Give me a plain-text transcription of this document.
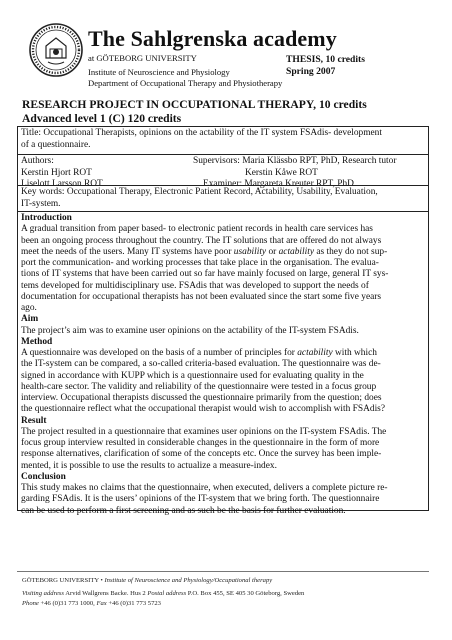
The Sahlgrenska academy
at GÖTEBORG UNIVERSITY
Institute of Neuroscience and Physiology
Department of Occupational Therapy and Physiotherapy
THESIS, 10 credits
Spring 2007
RESEARCH PROJECT IN OCCUPATIONAL THERAPY, 10 credits
Advanced level 1 (C) 120 credits
Title: Occupational Therapists, opinions on the actability of the IT system FSAdis- development
of a questionnaire.
Authors:	Supervisors: Maria Klässbo RPT, PhD, Research tutor
Kerstin Hjort ROT	Kerstin Kåwe ROT
Liselott Larsson ROT	Examiner: Margareta Kreuter RPT, PhD
Key words: Occupational Therapy, Electronic Patient Record, Actability, Usability, Evaluation,
IT-system.
Introduction
A gradual transition from paper based- to electronic patient records in health care services has
been an ongoing process throughout the country. The IT solutions that are offered do not always
meet the needs of the users. Many IT systems have poor usability or actability as they do not sup-
port the communication- and working processes that take place in the organisation. The evalua-
tions of IT systems that have been carried out so far have mainly focused on large, general IT sys-
tems developed for multidisciplinary use. FSAdis that was developed to support the needs of
documentation for occupational therapists has not been evaluated since the start some five years
ago.
Aim
The project’s aim was to examine user opinions on the actability of the IT-system FSAdis.
Method
A questionnaire was developed on the basis of a number of principles for actability with which
the IT-system can be compared, a so-called criteria-based evaluation. The questionnaire was de-
signed in accordance with KUPP which is a questionnaire used for evaluating quality in the
health-care sector. The validity and reliability of the questionnaire were tested in a focus group
interview. Occupational therapists discussed the questionnaire primarily from the question; does
the questionnaire reflect what the occupational therapist would wish to accomplish with FSAdis?
Result
The project resulted in a questionnaire that examines user opinions on the IT-system FSAdis. The
focus group interview resulted in considerable changes in the questionnaire in the form of more
response alternatives, clarification of some of the concepts etc. Once the survey has been imple-
mented, it is possible to use the results to actualize a measure-index.
Conclusion
This study makes no claims that the questionnaire, when executed, delivers a complete picture re-
garding FSAdis. It is the users’ opinions of the IT-system that we bring forth. The questionnaire
can be used to perform a first screening and as such be the basis for further evaluation.
GÖTEBORG UNIVERSITY • Institute of Neuroscience and Physiology/Occupational therapy
Visiting address Arvid Wallgrens Backe. Hus 2 Postal address P.O. Box 455, SE 405 30 Göteborg, Sweden
Phone +46 (0)31 773 1000, Fax +46 (0)31 773 5723
